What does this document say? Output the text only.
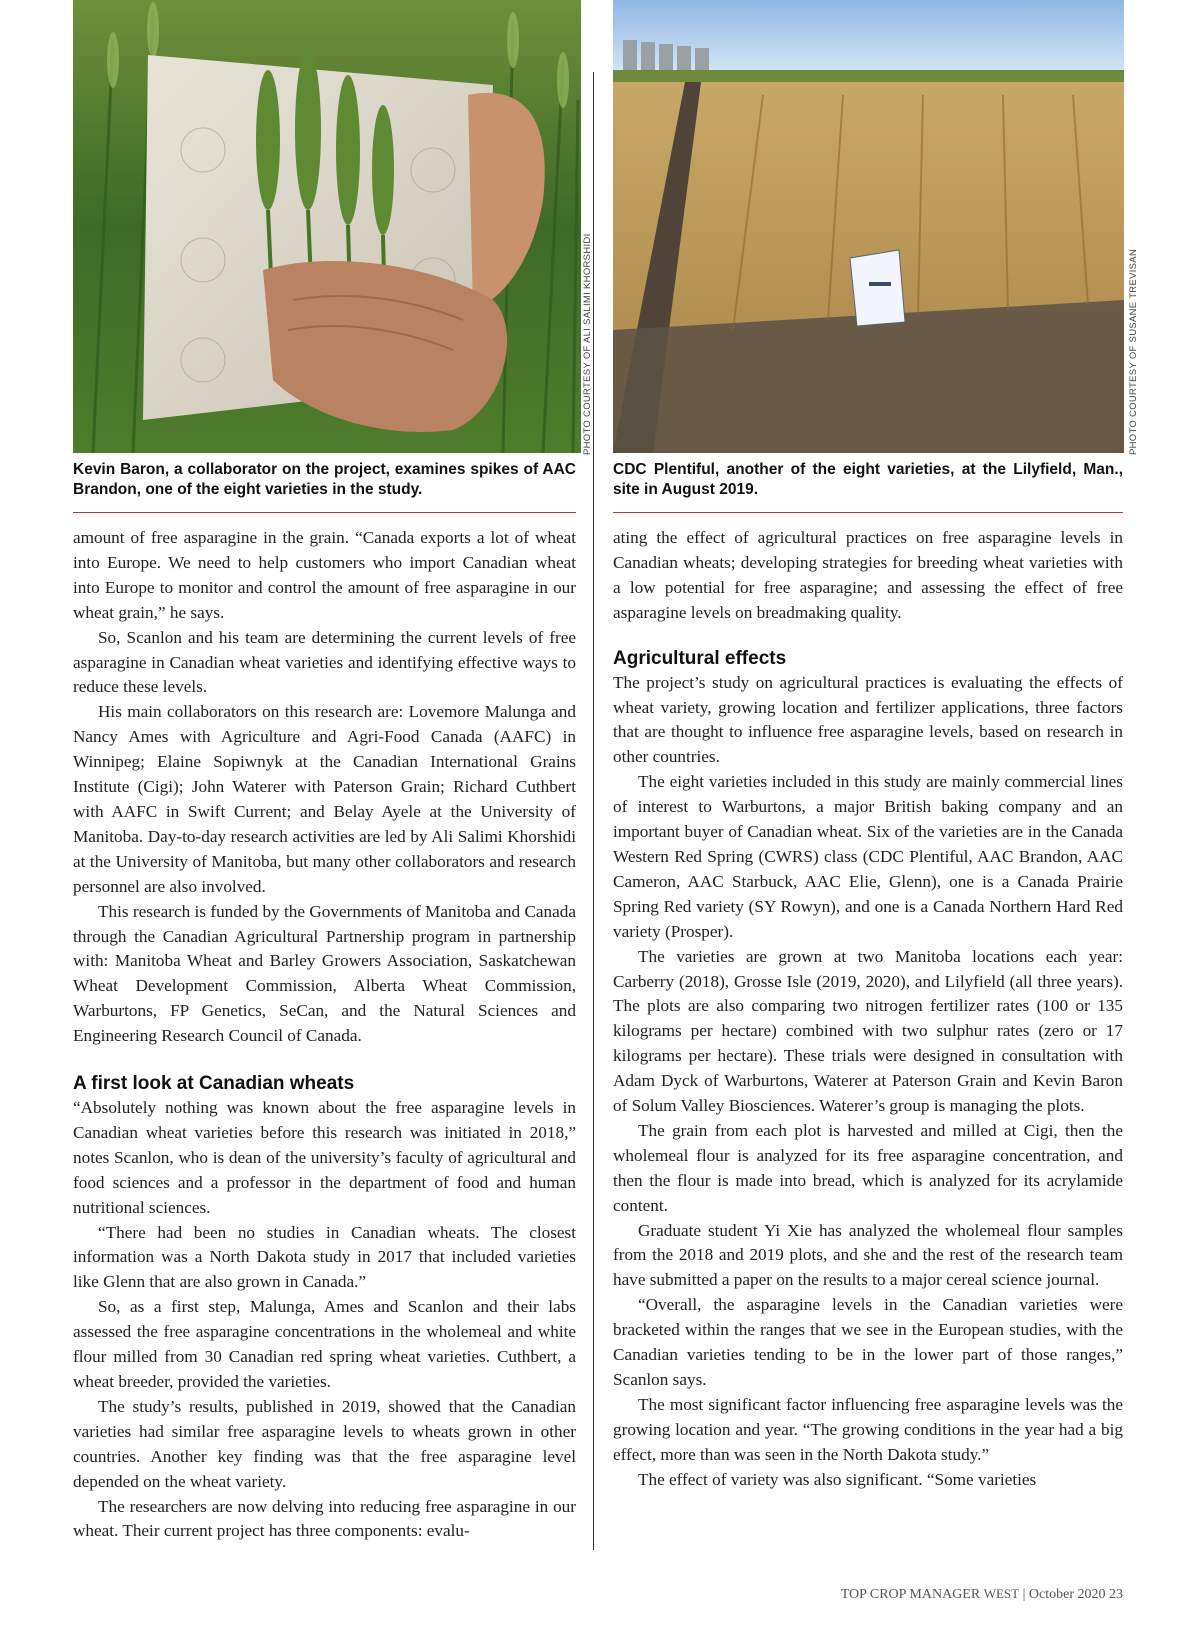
PHOTO COURTESY OF ALI SALIMI KHORSHIDI	PHOTO COURTESY OF SUSANE TREVISAN
Kevin Baron, a collaborator on the project, examines spikes of AAC Brandon, one of the eight varieties in the study.
CDC Plentiful, another of the eight varieties, at the Lilyfield, Man., site in August 2019.

amount of free asparagine in the grain. “Canada exports a lot of wheat into Europe. We need to help customers who import Canadian wheat into Europe to monitor and control the amount of free asparagine in our wheat grain,” he says.

So, Scanlon and his team are determining the current levels of free asparagine in Canadian wheat varieties and identifying effective ways to reduce these levels.

His main collaborators on this research are: Lovemore Malunga and Nancy Ames with Agriculture and Agri-Food Canada (AAFC) in Winnipeg; Elaine Sopiwnyk at the Canadian International Grains Institute (Cigi); John Waterer with Paterson Grain; Richard Cuthbert with AAFC in Swift Current; and Belay Ayele at the University of Manitoba. Day-to-day research activities are led by Ali Salimi Khorshidi at the University of Manitoba, but many other collaborators and research personnel are also involved.

This research is funded by the Governments of Manitoba and Canada through the Canadian Agricultural Partnership program in partnership with: Manitoba Wheat and Barley Growers Association, Saskatchewan Wheat Development Commission, Alberta Wheat Commission, Warburtons, FP Genetics, SeCan, and the Natural Sciences and Engineering Research Council of Canada.

A first look at Canadian wheats

“Absolutely nothing was known about the free asparagine levels in Canadian wheat varieties before this research was initiated in 2018,” notes Scanlon, who is dean of the university’s faculty of agricultural and food sciences and a professor in the department of food and human nutritional sciences.

“There had been no studies in Canadian wheats. The closest information was a North Dakota study in 2017 that included varieties like Glenn that are also grown in Canada.”

So, as a first step, Malunga, Ames and Scanlon and their labs assessed the free asparagine concentrations in the wholemeal and white flour milled from 30 Canadian red spring wheat varieties. Cuthbert, a wheat breeder, provided the varieties.

The study’s results, published in 2019, showed that the Canadian varieties had similar free asparagine levels to wheats grown in other countries. Another key finding was that the free asparagine level depended on the wheat variety.

The researchers are now delving into reducing free asparagine in our wheat. Their current project has three components: evalu-

ating the effect of agricultural practices on free asparagine levels in Canadian wheats; developing strategies for breeding wheat varieties with a low potential for free asparagine; and assessing the effect of free asparagine levels on breadmaking quality.

Agricultural effects

The project’s study on agricultural practices is evaluating the effects of wheat variety, growing location and fertilizer applications, three factors that are thought to influence free asparagine levels, based on research in other countries.

The eight varieties included in this study are mainly commercial lines of interest to Warburtons, a major British baking company and an important buyer of Canadian wheat. Six of the varieties are in the Canada Western Red Spring (CWRS) class (CDC Plentiful, AAC Brandon, AAC Cameron, AAC Starbuck, AAC Elie, Glenn), one is a Canada Prairie Spring Red variety (SY Rowyn), and one is a Canada Northern Hard Red variety (Prosper).

The varieties are grown at two Manitoba locations each year: Carberry (2018), Grosse Isle (2019, 2020), and Lilyfield (all three years). The plots are also comparing two nitrogen fertilizer rates (100 or 135 kilograms per hectare) combined with two sulphur rates (zero or 17 kilograms per hectare). These trials were designed in consultation with Adam Dyck of Warburtons, Waterer at Paterson Grain and Kevin Baron of Solum Valley Biosciences. Waterer’s group is managing the plots.

The grain from each plot is harvested and milled at Cigi, then the wholemeal flour is analyzed for its free asparagine concentration, and then the flour is made into bread, which is analyzed for its acrylamide content.

Graduate student Yi Xie has analyzed the wholemeal flour samples from the 2018 and 2019 plots, and she and the rest of the research team have submitted a paper on the results to a major cereal science journal.

“Overall, the asparagine levels in the Canadian varieties were bracketed within the ranges that we see in the European studies, with the Canadian varieties tending to be in the lower part of those ranges,” Scanlon says.

The most significant factor influencing free asparagine levels was the growing location and year. “The growing conditions in the year had a big effect, more than was seen in the North Dakota study.”

The effect of variety was also significant. “Some varieties

TOP CROP MANAGER WEST | October 2020 23
